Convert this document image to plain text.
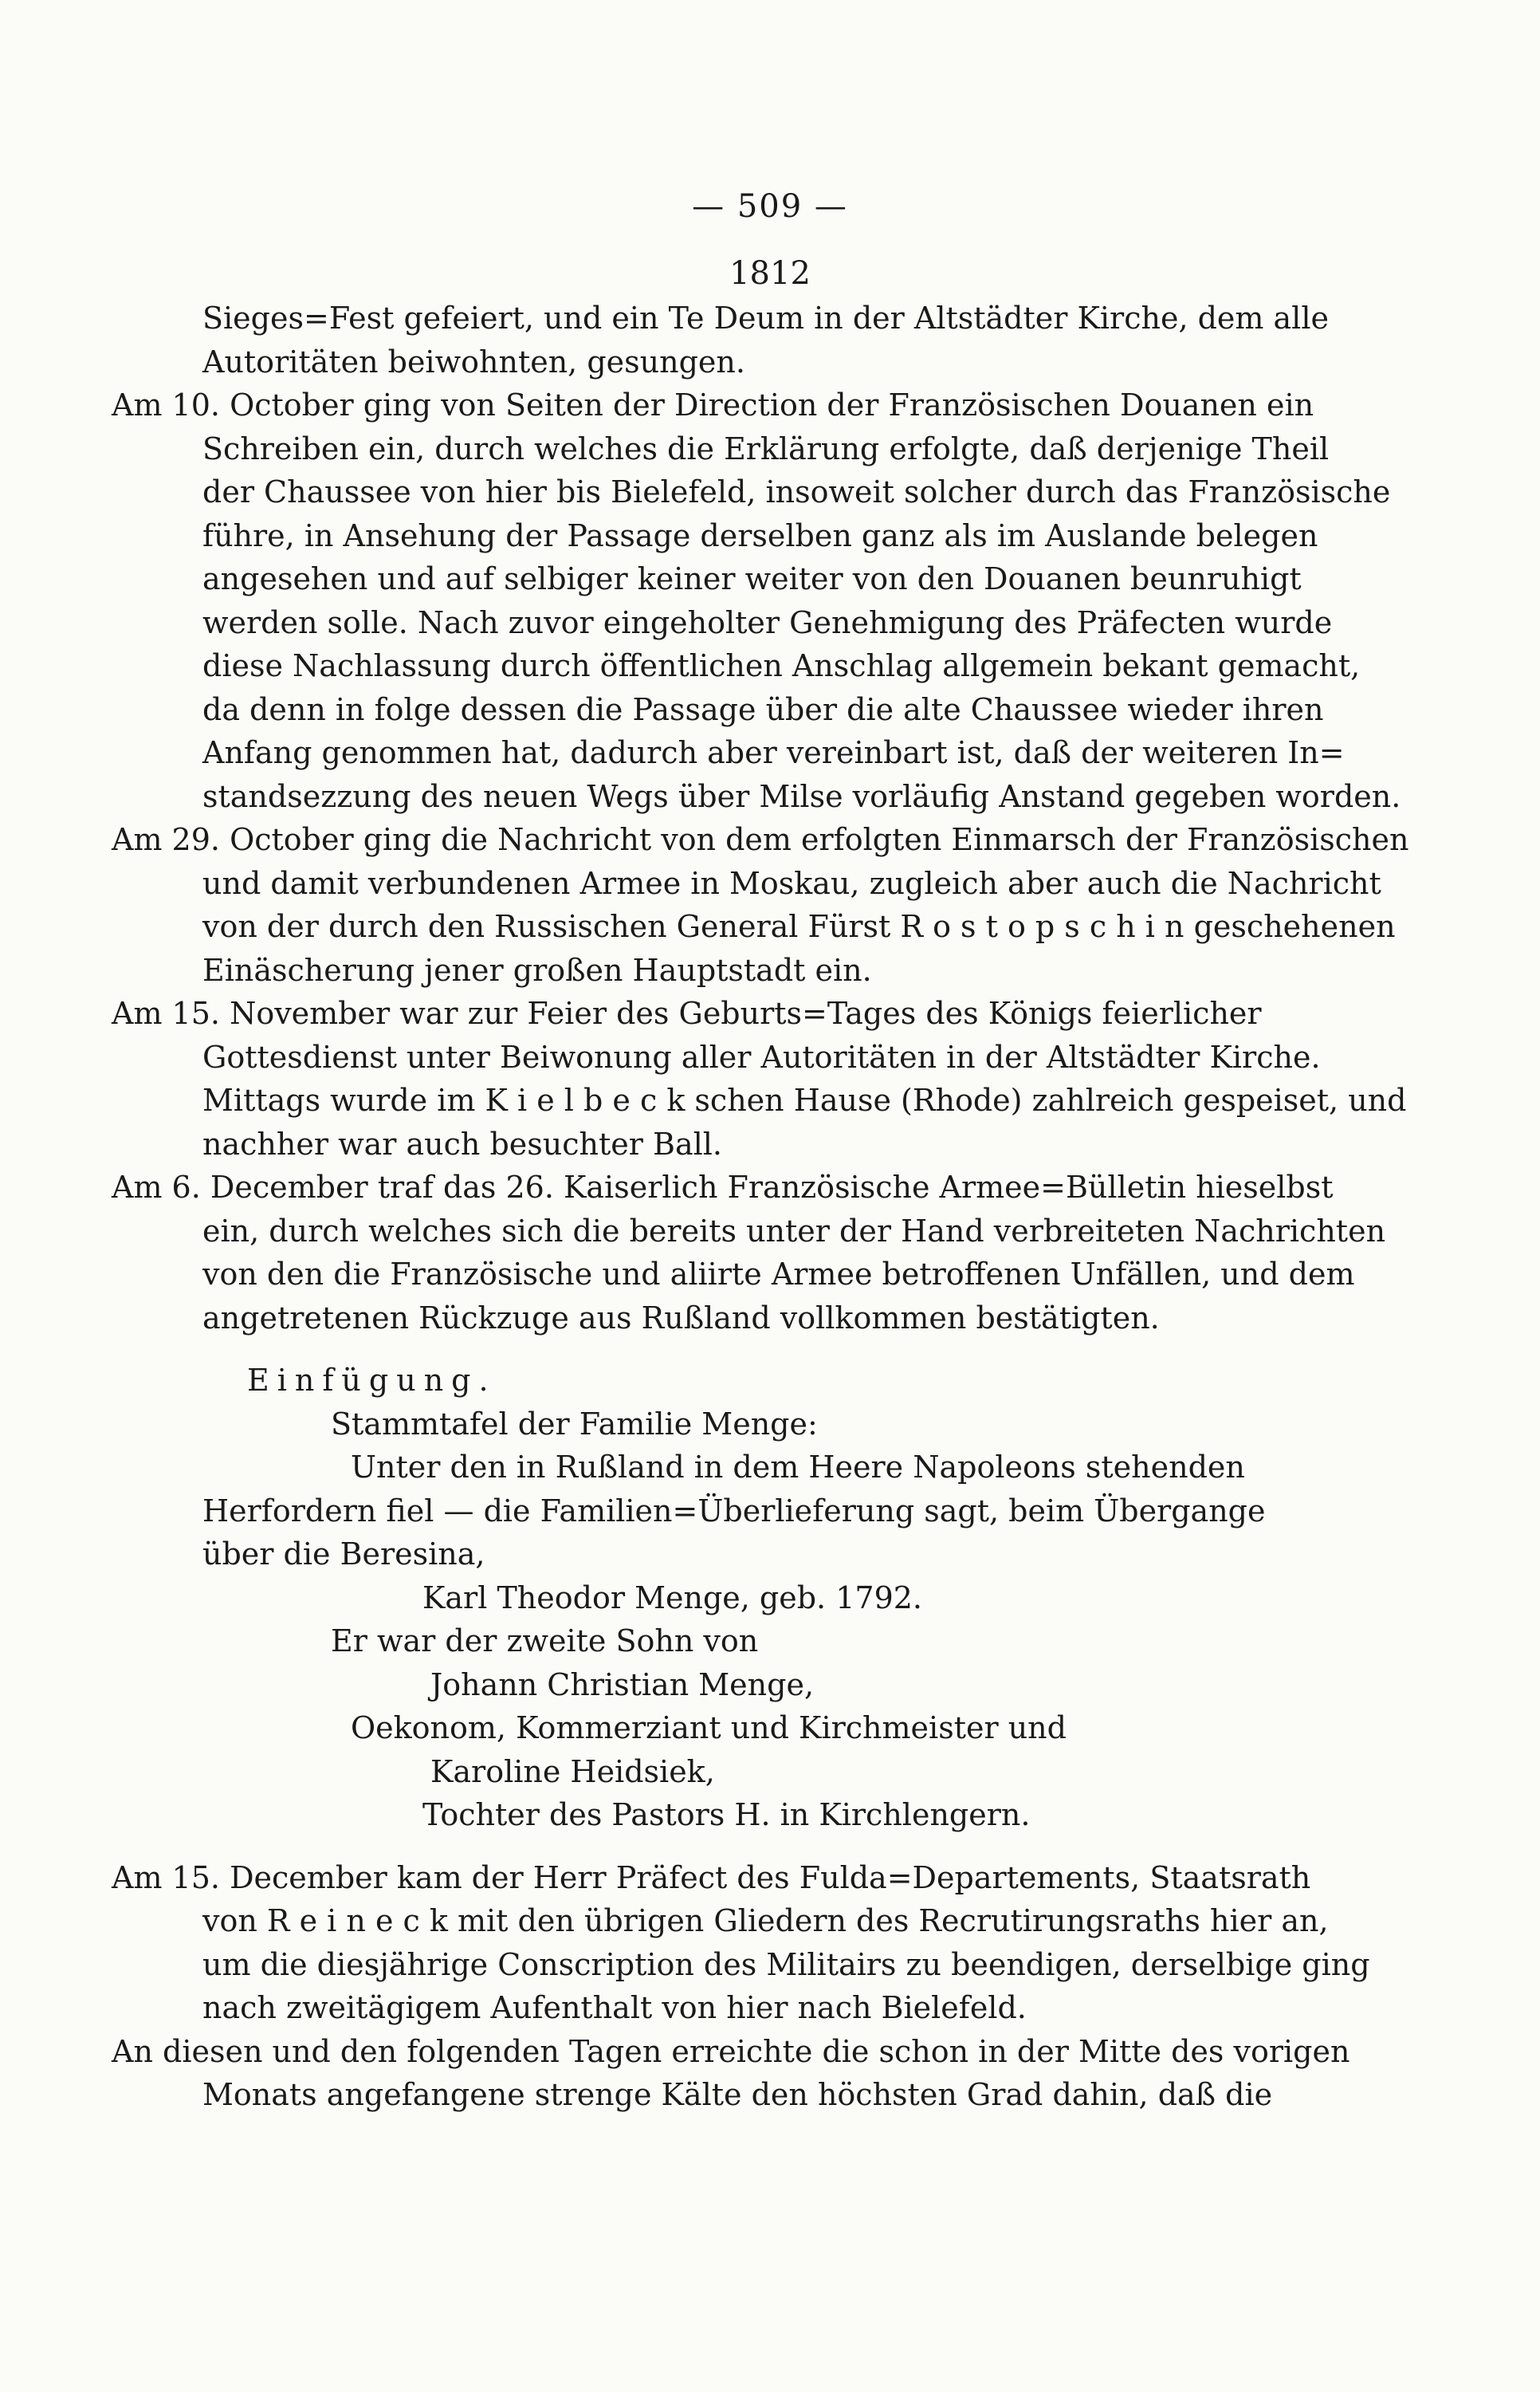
— 509 —
1812
Sieges=Fest gefeiert, und ein Te Deum in der Altstädter Kirche, dem alle
Autoritäten beiwohnten, gesungen.
Am 10. October ging von Seiten der Direction der Französischen Douanen ein
Schreiben ein, durch welches die Erklärung erfolgte, daß derjenige Theil
der Chaussee von hier bis Bielefeld, insoweit solcher durch das Französische
führe, in Ansehung der Passage derselben ganz als im Auslande belegen
angesehen und auf selbiger keiner weiter von den Douanen beunruhigt
werden solle. Nach zuvor eingeholter Genehmigung des Präfecten wurde
diese Nachlassung durch öffentlichen Anschlag allgemein bekant gemacht,
da denn in folge dessen die Passage über die alte Chaussee wieder ihren
Anfang genommen hat, dadurch aber vereinbart ist, daß der weiteren In=
standsezzung des neuen Wegs über Milse vorläufig Anstand gegeben worden.
Am 29. October ging die Nachricht von dem erfolgten Einmarsch der Französischen
und damit verbundenen Armee in Moskau, zugleich aber auch die Nachricht
von der durch den Russischen General Fürst R o s t o p s c h i n geschehenen
Einäscherung jener großen Hauptstadt ein.
Am 15. November war zur Feier des Geburts=Tages des Königs feierlicher
Gottesdienst unter Beiwonung aller Autoritäten in der Altstädter Kirche.
Mittags wurde im K i e l b e c k schen Hause (Rhode) zahlreich gespeiset, und
nachher war auch besuchter Ball.
Am 6. December traf das 26. Kaiserlich Französische Armee=Bülletin hieselbst
ein, durch welches sich die bereits unter der Hand verbreiteten Nachrichten
von den die Französische und aliirte Armee betroffenen Unfällen, und dem
angetretenen Rückzuge aus Rußland vollkommen bestätigten.
Einfügung.
Stammtafel der Familie Menge:
Unter den in Rußland in dem Heere Napoleons stehenden
Herfordern fiel — die Familien=Überlieferung sagt, beim Übergange
über die Beresina,
Karl Theodor Menge, geb. 1792.
Er war der zweite Sohn von
Johann Christian Menge,
Oekonom, Kommerziant und Kirchmeister und
Karoline Heidsiek,
Tochter des Pastors H. in Kirchlengern.
Am 15. December kam der Herr Präfect des Fulda=Departements, Staatsrath
von R e i n e c k mit den übrigen Gliedern des Recrutirungsraths hier an,
um die diesjährige Conscription des Militairs zu beendigen, derselbige ging
nach zweitägigem Aufenthalt von hier nach Bielefeld.
An diesen und den folgenden Tagen erreichte die schon in der Mitte des vorigen
Monats angefangene strenge Kälte den höchsten Grad dahin, daß die
